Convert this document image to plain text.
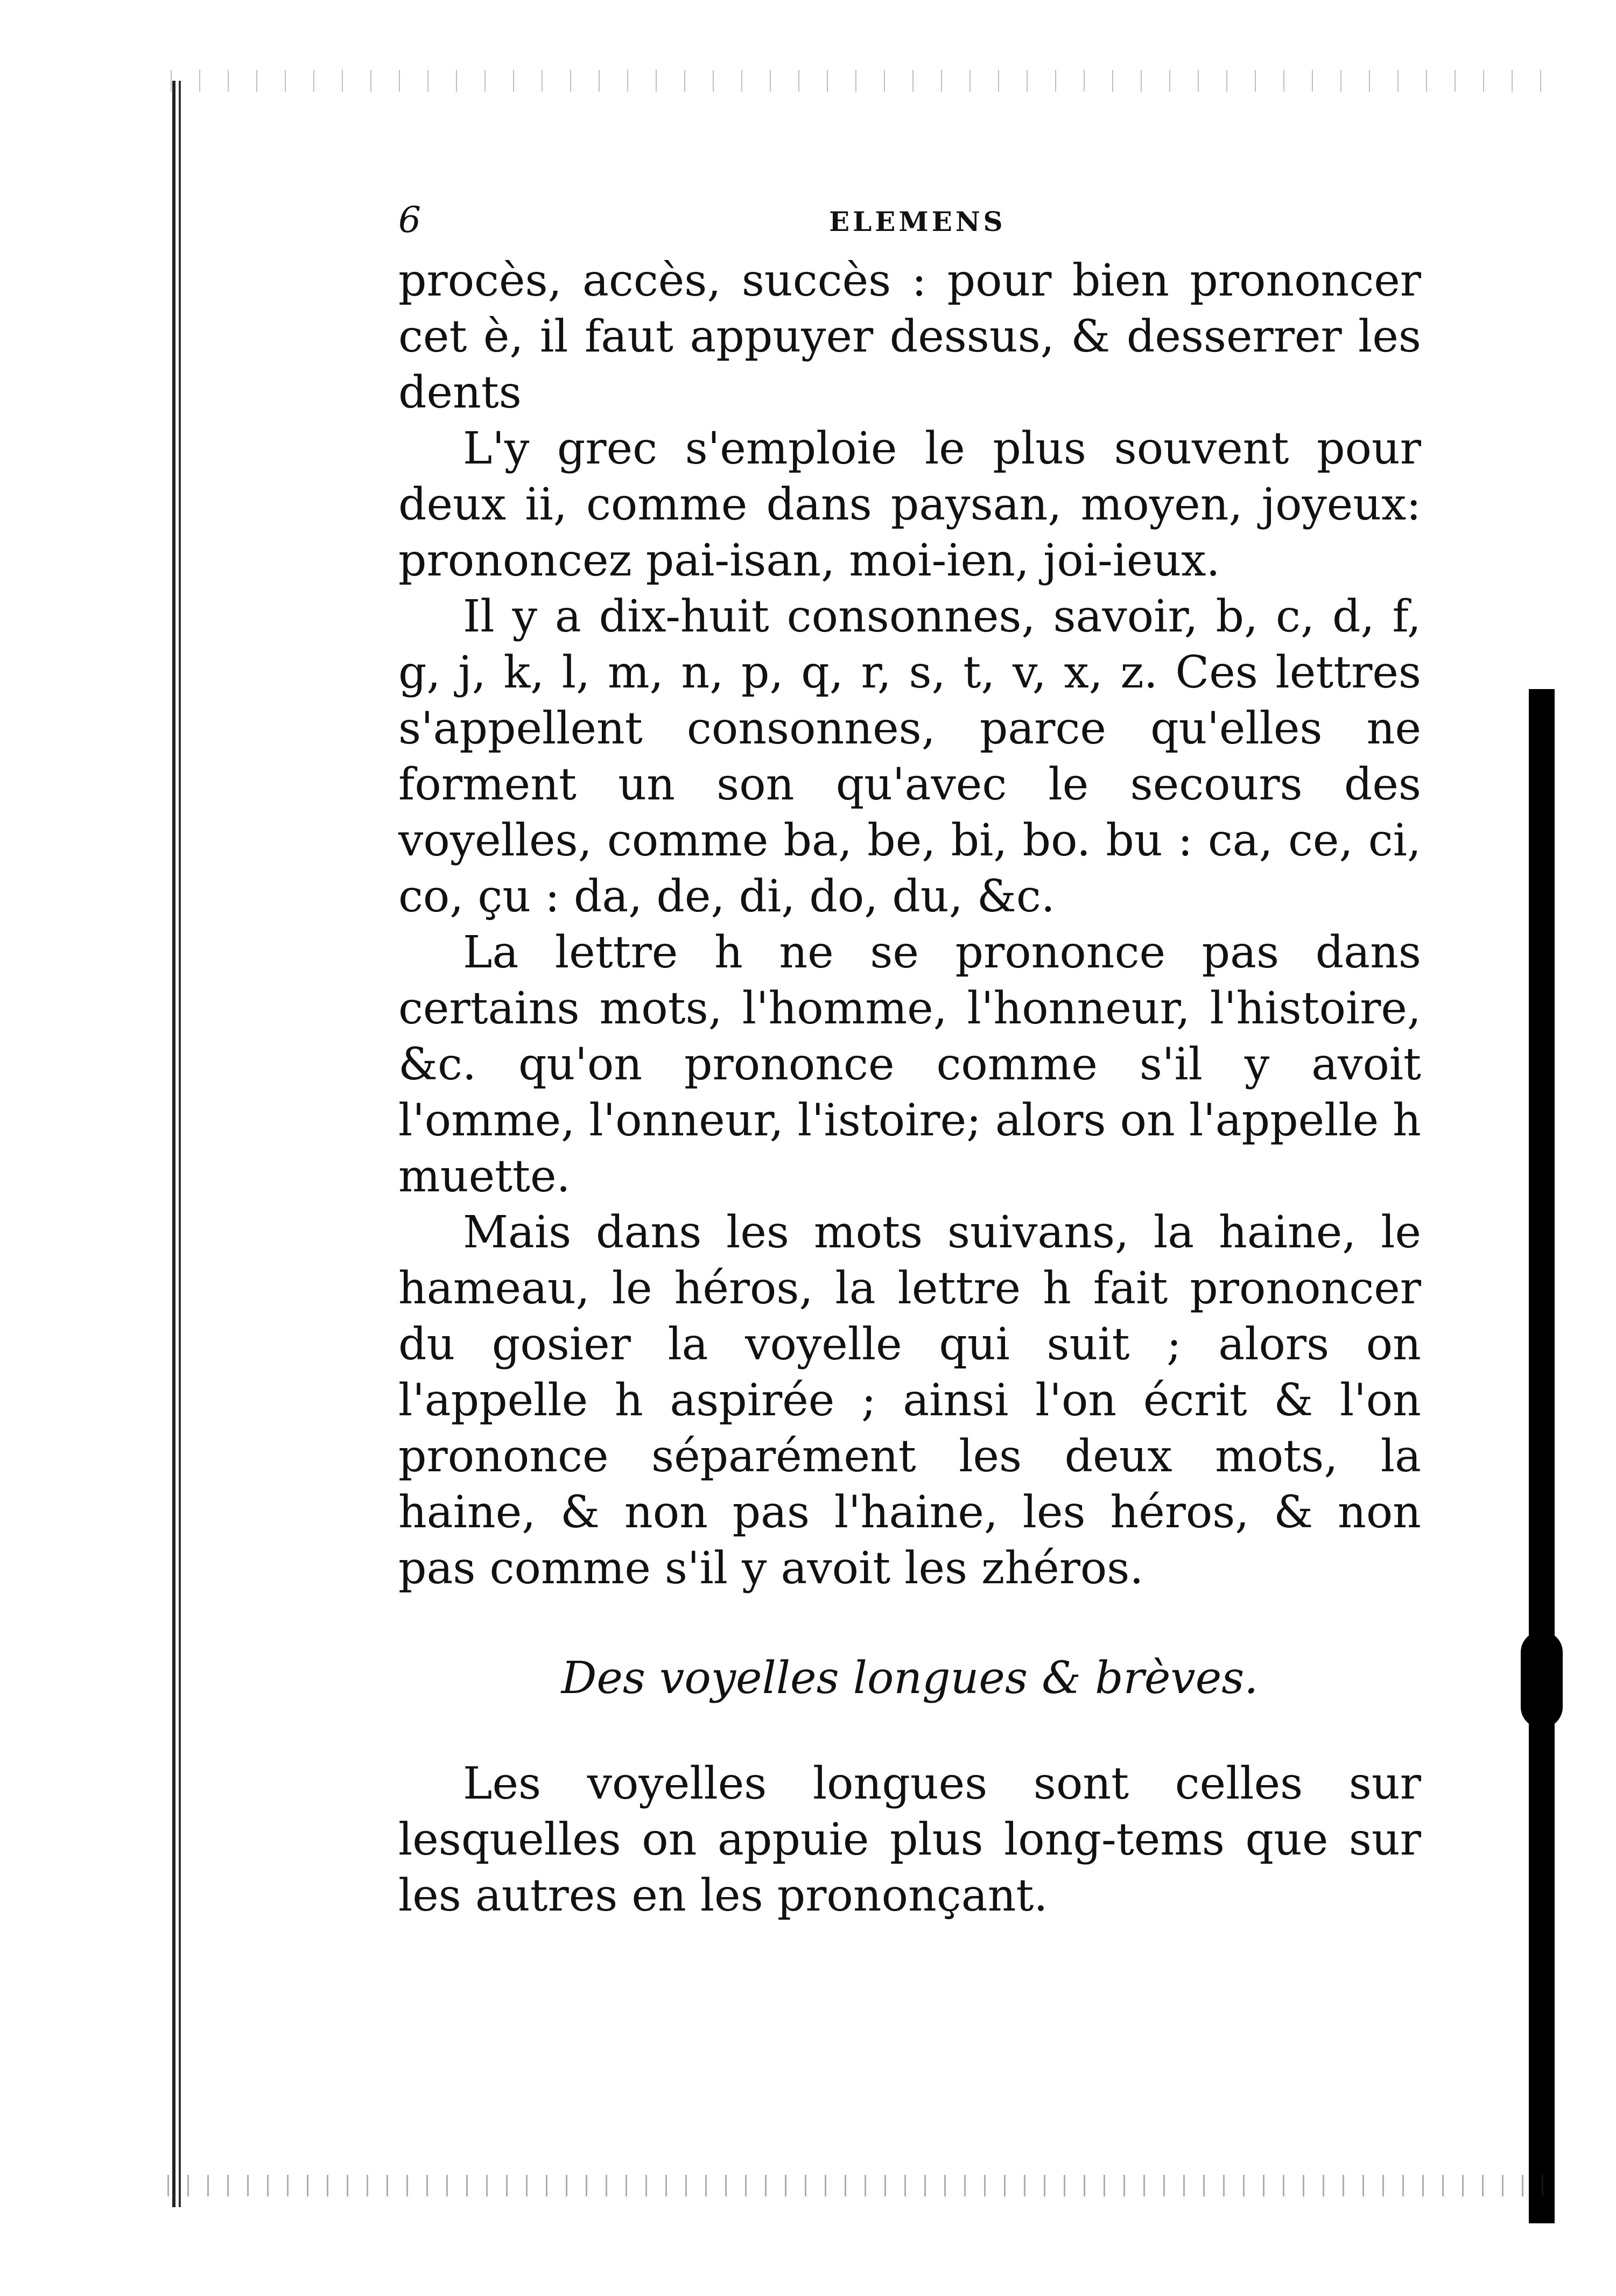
6	ELEMENS

procès, accès, succès : pour bien prononcer cet è, il faut appuyer dessus, & desserrer les dents

L'y grec s'emploie le plus souvent pour deux ii, comme dans paysan, moyen, joyeux: prononcez pai-isan, moi-ien, joi-ieux.

Il y a dix-huit consonnes, savoir, b, c, d, f, g, j, k, l, m, n, p, q, r, s, t, v, x, z. Ces lettres s'appellent consonnes, parce qu'elles ne forment un son qu'avec le secours des voyelles, comme ba, be, bi, bo. bu : ca, ce, ci, co, çu : da, de, di, do, du, &c.

La lettre h ne se prononce pas dans certains mots, l'homme, l'honneur, l'histoire, &c. qu'on prononce comme s'il y avoit l'omme, l'onneur, l'istoire; alors on l'appelle h muette.

Mais dans les mots suivans, la haine, le hameau, le héros, la lettre h fait prononcer du gosier la voyelle qui suit ; alors on l'appelle h aspirée ; ainsi l'on écrit & l'on prononce séparément les deux mots, la haine, & non pas l'haine, les héros, & non pas comme s'il y avoit les zhéros.

Des voyelles longues & brèves.

Les voyelles longues sont celles sur lesquelles on appuie plus long-tems que sur les autres en les prononçant.
